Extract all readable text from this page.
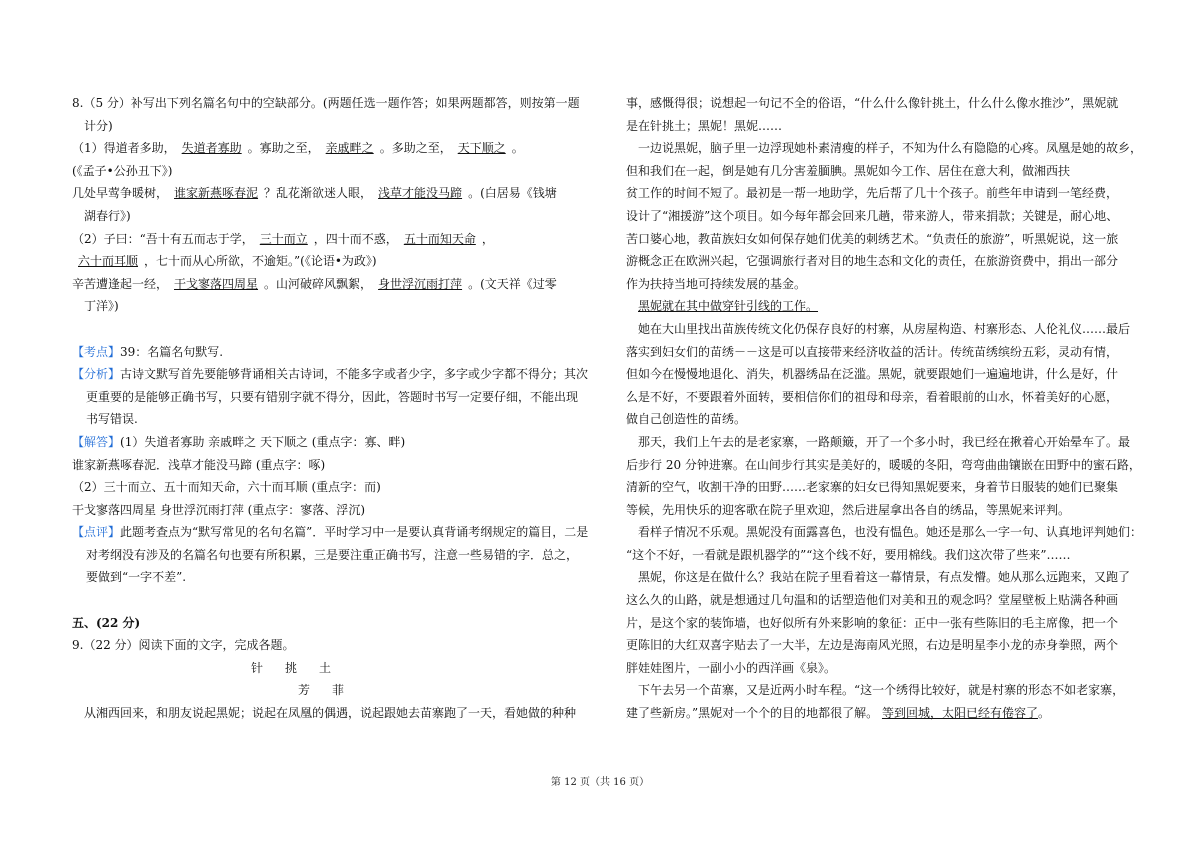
8.（5 分）补写出下列名篇名句中的空缺部分。(两题任选一题作答；如果两题都答，则按第一题
计分)
（1）得道者多助， 失道者寡助 。寡助之至， 亲戚畔之 。多助之至， 天下顺之 。
(《孟子•公孙丑下》)
几处早莺争暖树， 谁家新燕啄春泥 ？乱花渐欲迷人眼， 浅草才能没马蹄 。(白居易《钱塘
湖春行》)
（2）子曰：“吾十有五而志于学， 三十而立 ，四十而不惑， 五十而知天命 ，
六十而耳顺 ，七十而从心所欲，不逾矩。”(《论语•为政》)
辛苦遭逢起一经， 干戈寥落四周星 。山河破碎风飘絮， 身世浮沉雨打萍 。(文天祥《过零
丁洋》)
【考点】39：名篇名句默写.
【分析】古诗文默写首先要能够背诵相关古诗词，不能多字或者少字，多字或少字都不得分；其次
更重要的是能够正确书写，只要有错别字就不得分，因此，答题时书写一定要仔细，不能出现
书写错误.
【解答】(1）失道者寡助 亲戚畔之 天下顺之 (重点字：寡、畔)
谁家新燕啄春泥．浅草才能没马蹄 (重点字：啄)
（2）三十而立、五十而知天命，六十而耳顺 (重点字：而)
干戈寥落四周星 身世浮沉雨打萍 (重点字：寥落、浮沉)
【点评】此题考查点为“默写常见的名句名篇”．平时学习中一是要认真背诵考纲规定的篇目，二是
对考纲没有涉及的名篇名句也要有所积累，三是要注重正确书写，注意一些易错的字．总之，
要做到“一字不差”.
五、(22 分)
9.（22 分）阅读下面的文字，完成各题。
针挑土
芳菲
从湘西回来，和朋友说起黑妮；说起在凤凰的偶遇，说起跟她去苗寨跑了一天，看她做的种种
事，感慨得很；说想起一句记不全的俗语，“什么什么像针挑土，什么什么像水推沙”，黑妮就
是在针挑土；黑妮！黑妮……
一边说黑妮，脑子里一边浮现她朴素清瘦的样子，不知为什么有隐隐的心疼。凤凰是她的故乡，
但和我们在一起，倒是她有几分害羞腼腆。黑妮如今工作、居住在意大利，做湘西扶
贫工作的时间不短了。最初是一帮一地助学，先后帮了几十个孩子。前些年申请到一笔经费，
设计了“湘援游”这个项目。如今每年都会回来几趟，带来游人，带来捐款；关键是，耐心地、
苦口婆心地，教苗族妇女如何保存她们优美的刺绣艺术。“负责任的旅游”，听黑妮说，这一旅
游概念正在欧洲兴起，它强调旅行者对目的地生态和文化的责任，在旅游资费中，捐出一部分
作为扶持当地可持续发展的基金。
黑妮就在其中做穿针引线的工作。
她在大山里找出苗族传统文化仍保存良好的村寨，从房屋构造、村寨形态、人伦礼仪……最后
落实到妇女们的苗绣－－这是可以直接带来经济收益的活计。传统苗绣缤纷五彩，灵动有情，
但如今在慢慢地退化、消失，机器绣品在泛滥。黑妮，就要跟她们一遍遍地讲，什么是好，什
么是不好，不要跟着外面转，要相信你们的祖母和母亲，看着眼前的山水，怀着美好的心愿，
做自己创造性的苗绣。
那天，我们上午去的是老家寨，一路颠簸，开了一个多小时，我已经在揪着心开始晕车了。最
后步行 20 分钟进寨。在山间步行其实是美好的，暖暖的冬阳，弯弯曲曲镶嵌在田野中的蜜石路，
清新的空气，收割干净的田野……老家寨的妇女已得知黑妮要来，身着节日服装的她们已聚集
等候，先用快乐的迎客歌在院子里欢迎，然后进屋拿出各自的绣品，等黑妮来评判。
看样子情况不乐观。黑妮没有面露喜色，也没有愠色。她还是那么一字一句、认真地评判她们：
“这个不好，一看就是跟机器学的”“这个线不好，要用棉线。我们这次带了些来”……
黑妮，你这是在做什么？我站在院子里看着这一幕情景，有点发懵。她从那么远跑来，又跑了
这么久的山路，就是想通过几句温和的话塑造他们对美和丑的观念吗？堂屋壁板上贴满各种画
片，是这个家的装饰墙，也好似所有外来影响的象征：正中一张有些陈旧的毛主席像，把一个
更陈旧的大红双喜字贴去了一大半，左边是海南风光照，右边是明星李小龙的赤身拳照，两个
胖娃娃图片，一副小小的西洋画《泉》。
下午去另一个苗寨，又是近两小时车程。“这一个绣得比较好，就是村寨的形态不如老家寨，
建了些新房。”黑妮对一个个的目的地都很了解。 等到回城，太阳已经有倦容了。
第 12 页（共 16 页）
